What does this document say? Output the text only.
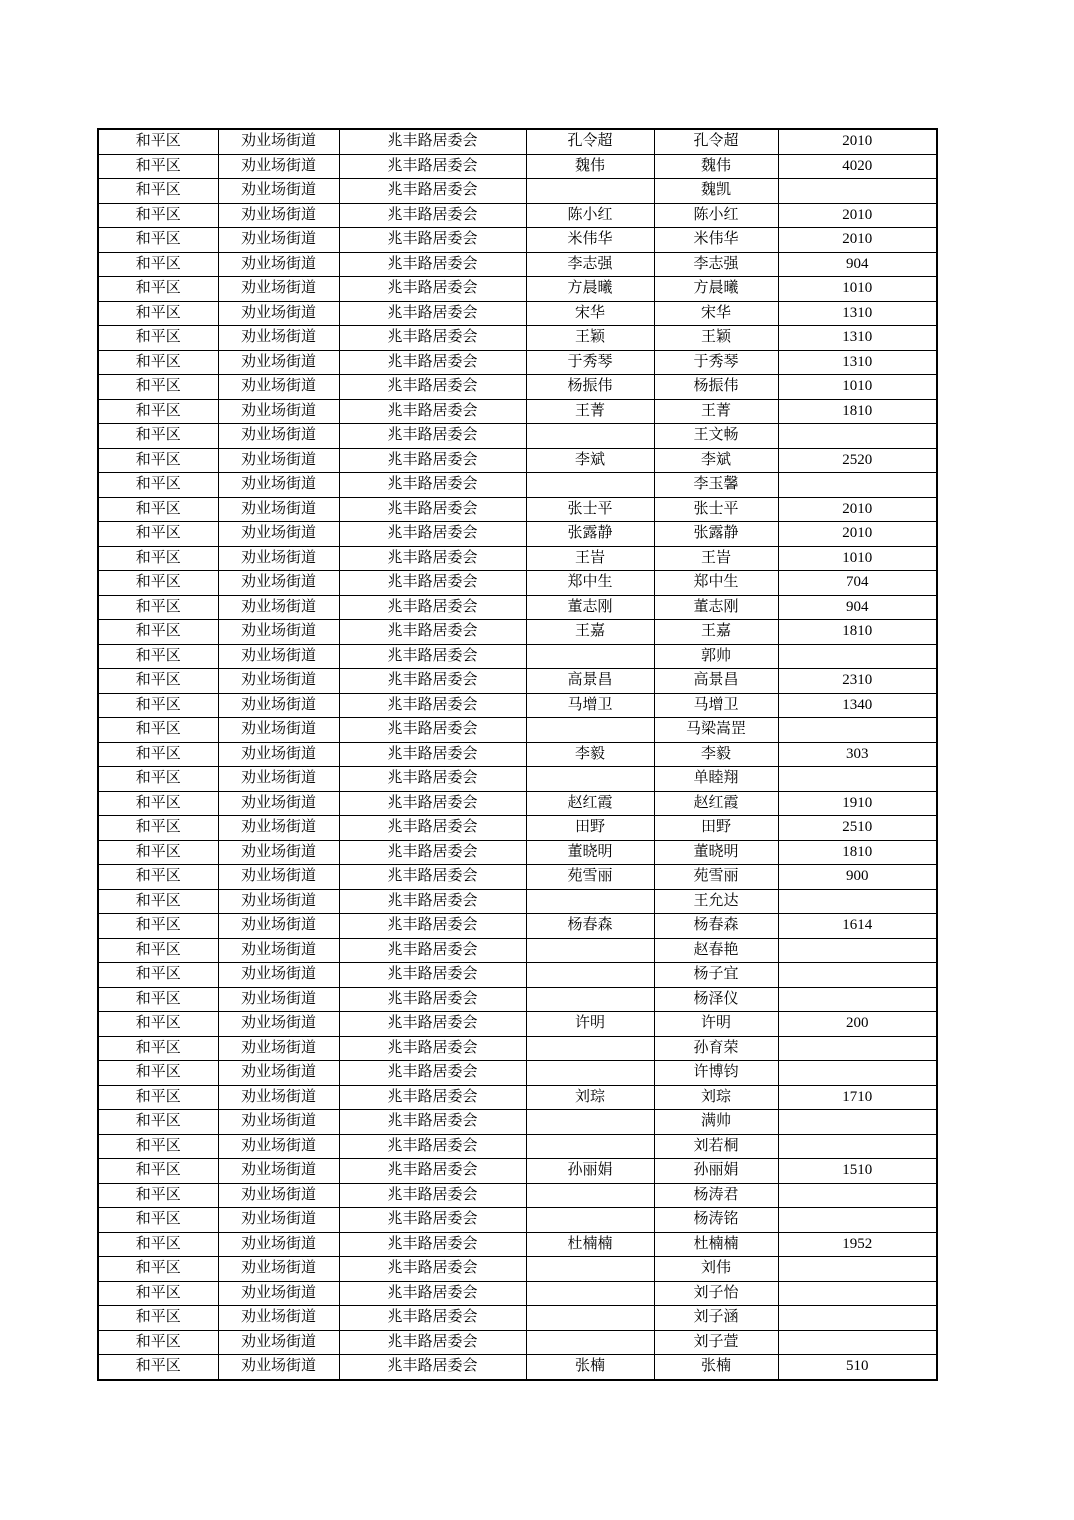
和平区	劝业场街道	兆丰路居委会	孔令超	孔令超	2010
和平区	劝业场街道	兆丰路居委会	魏伟	魏伟	4020
和平区	劝业场街道	兆丰路居委会		魏凯	
和平区	劝业场街道	兆丰路居委会	陈小红	陈小红	2010
和平区	劝业场街道	兆丰路居委会	米伟华	米伟华	2010
和平区	劝业场街道	兆丰路居委会	李志强	李志强	904
和平区	劝业场街道	兆丰路居委会	方晨曦	方晨曦	1010
和平区	劝业场街道	兆丰路居委会	宋华	宋华	1310
和平区	劝业场街道	兆丰路居委会	王颖	王颖	1310
和平区	劝业场街道	兆丰路居委会	于秀琴	于秀琴	1310
和平区	劝业场街道	兆丰路居委会	杨振伟	杨振伟	1010
和平区	劝业场街道	兆丰路居委会	王菁	王菁	1810
和平区	劝业场街道	兆丰路居委会		王文畅	
和平区	劝业场街道	兆丰路居委会	李斌	李斌	2520
和平区	劝业场街道	兆丰路居委会		李玉馨	
和平区	劝业场街道	兆丰路居委会	张士平	张士平	2010
和平区	劝业场街道	兆丰路居委会	张露静	张露静	2010
和平区	劝业场街道	兆丰路居委会	王峕	王峕	1010
和平区	劝业场街道	兆丰路居委会	郑中生	郑中生	704
和平区	劝业场街道	兆丰路居委会	董志刚	董志刚	904
和平区	劝业场街道	兆丰路居委会	王嘉	王嘉	1810
和平区	劝业场街道	兆丰路居委会		郭帅	
和平区	劝业场街道	兆丰路居委会	高景昌	高景昌	2310
和平区	劝业场街道	兆丰路居委会	马增卫	马增卫	1340
和平区	劝业场街道	兆丰路居委会		马梁嵩罡	
和平区	劝业场街道	兆丰路居委会	李毅	李毅	303
和平区	劝业场街道	兆丰路居委会		单睦翔	
和平区	劝业场街道	兆丰路居委会	赵红霞	赵红霞	1910
和平区	劝业场街道	兆丰路居委会	田野	田野	2510
和平区	劝业场街道	兆丰路居委会	董晓明	董晓明	1810
和平区	劝业场街道	兆丰路居委会	苑雪丽	苑雪丽	900
和平区	劝业场街道	兆丰路居委会		王允达	
和平区	劝业场街道	兆丰路居委会	杨春森	杨春森	1614
和平区	劝业场街道	兆丰路居委会		赵春艳	
和平区	劝业场街道	兆丰路居委会		杨子宜	
和平区	劝业场街道	兆丰路居委会		杨泽仪	
和平区	劝业场街道	兆丰路居委会	许明	许明	200
和平区	劝业场街道	兆丰路居委会		孙育荣	
和平区	劝业场街道	兆丰路居委会		许博钧	
和平区	劝业场街道	兆丰路居委会	刘琮	刘琮	1710
和平区	劝业场街道	兆丰路居委会		满帅	
和平区	劝业场街道	兆丰路居委会		刘若桐	
和平区	劝业场街道	兆丰路居委会	孙丽娟	孙丽娟	1510
和平区	劝业场街道	兆丰路居委会		杨涛君	
和平区	劝业场街道	兆丰路居委会		杨涛铭	
和平区	劝业场街道	兆丰路居委会	杜楠楠	杜楠楠	1952
和平区	劝业场街道	兆丰路居委会		刘伟	
和平区	劝业场街道	兆丰路居委会		刘子怡	
和平区	劝业场街道	兆丰路居委会		刘子涵	
和平区	劝业场街道	兆丰路居委会		刘子萱	
和平区	劝业场街道	兆丰路居委会	张楠	张楠	510
